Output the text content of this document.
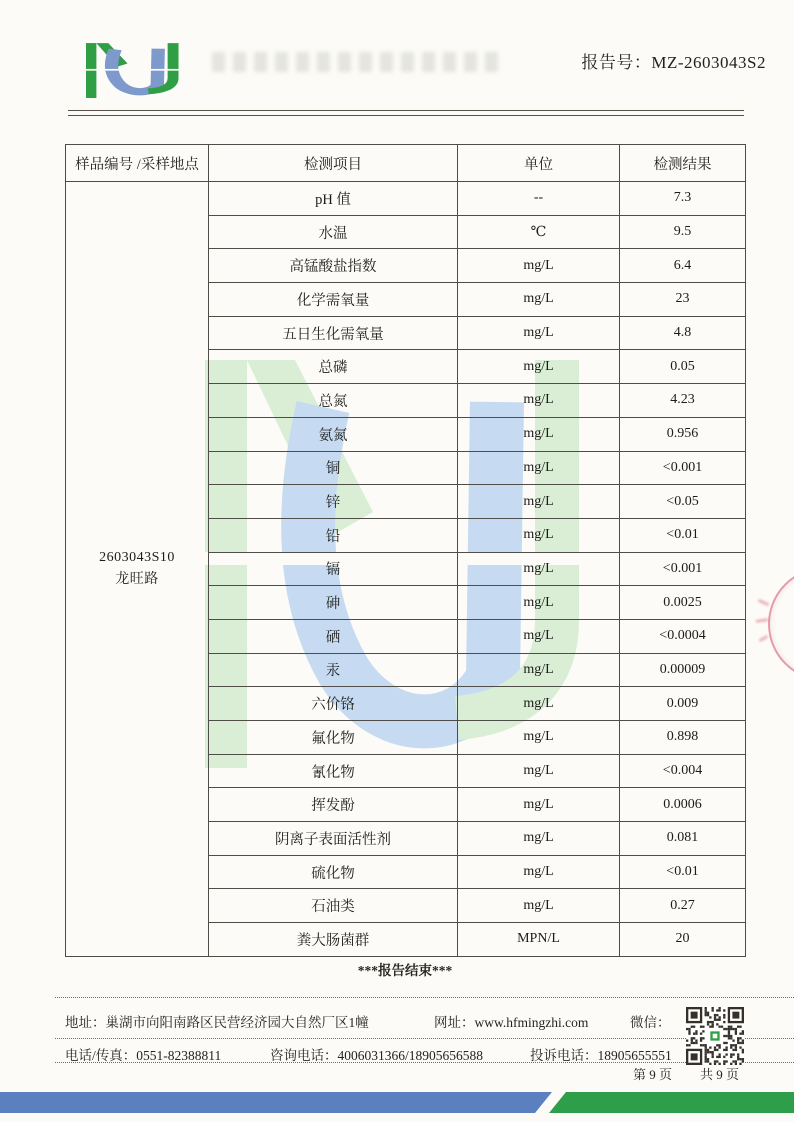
报告号：MZ-2603043S2
样品编号 /采样地点	检测项目	单位	检测结果

2603043S10
龙旺路	pH 值	--	7.3
	水温	℃	9.5
	高锰酸盐指数	mg/L	6.4
	化学需氧量	mg/L	23
	五日生化需氧量	mg/L	4.8
	总磷	mg/L	0.05
	总氮	mg/L	4.23
	氨氮	mg/L	0.956
	铜	mg/L	<0.001
	锌	mg/L	<0.05
	铅	mg/L	<0.01
	镉	mg/L	<0.001
	砷	mg/L	0.0025
	硒	mg/L	<0.0004
	汞	mg/L	0.00009
	六价铬	mg/L	0.009
	氟化物	mg/L	0.898
	氰化物	mg/L	<0.004
	挥发酚	mg/L	0.0006
	阴离子表面活性剂	mg/L	0.081
	硫化物	mg/L	<0.01
	石油类	mg/L	0.27
	粪大肠菌群	MPN/L	20
***报告结束***
地址：巢湖市向阳南路区民营经济园大自然厂区1幢	网址：www.hfmingzhi.com	微信：
电话/传真：0551-82388811	咨询电话：4006031366/18905656588	投诉电话：18905655551
第 9 页 共 9 页
